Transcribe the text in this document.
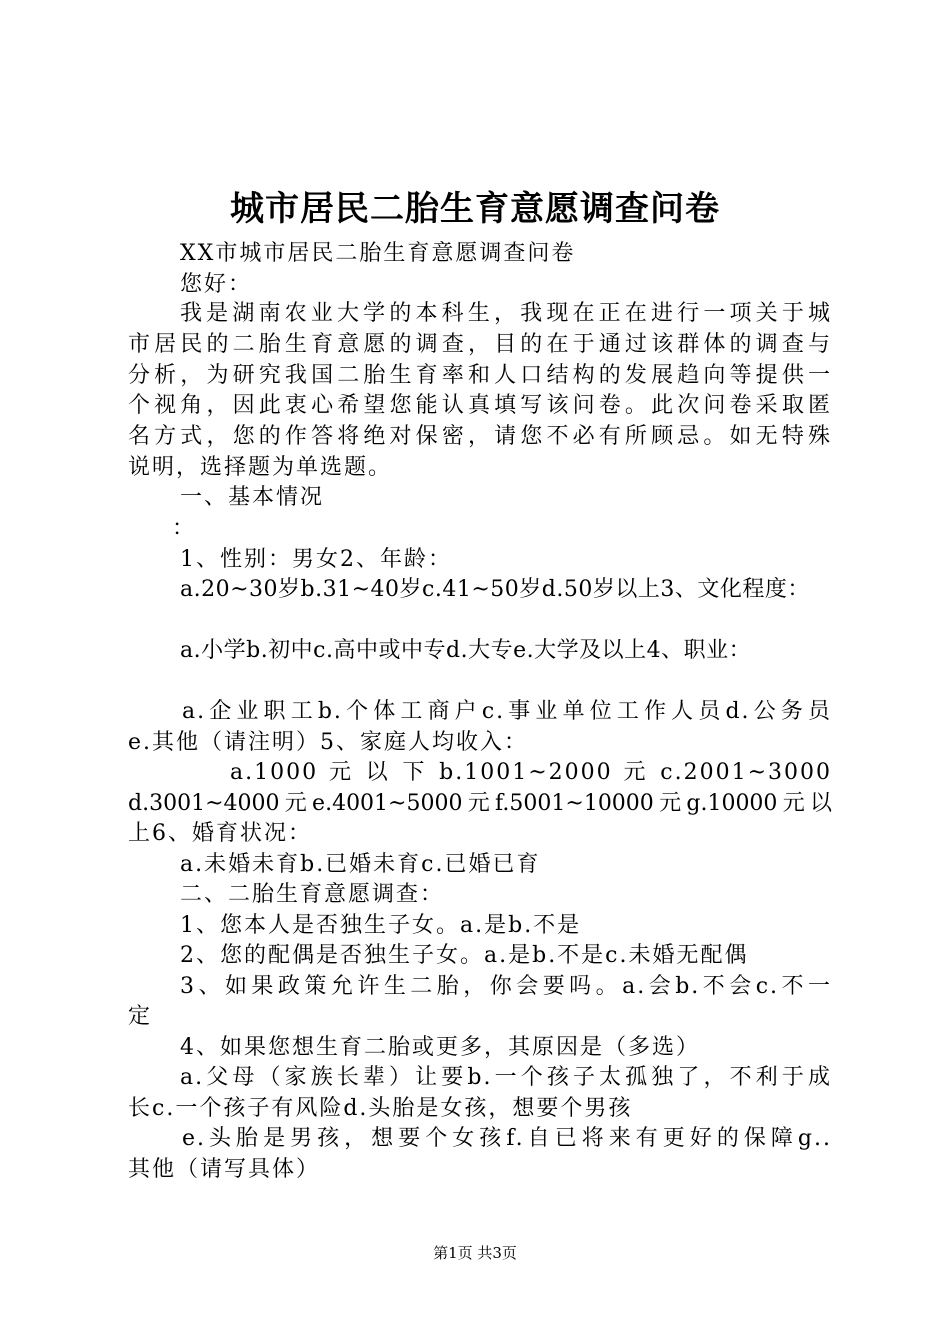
城市居民二胎生育意愿调查问卷
XX市城市居民二胎生育意愿调查问卷
您好：
我是湖南农业大学的本科生，我现在正在进行一项关于城
市居民的二胎生育意愿的调查，目的在于通过该群体的调查与
分析，为研究我国二胎生育率和人口结构的发展趋向等提供一
个视角，因此衷心希望您能认真填写该问卷。此次问卷采取匿
名方式，您的作答将绝对保密，请您不必有所顾忌。如无特殊
说明，选择题为单选题。
一、基本情况
：
1、性别：男女2、年龄：
a.20~30岁b.31~40岁c.41~50岁d.50岁以上3、文化程度：
a.小学b.初中c.高中或中专d.大专e.大学及以上4、职业：
a.企业职工b.个体工商户c.事业单位工作人员d.公务员
e.其他（请注明）5、家庭人均收入：
a.1000 元 以 下 b.1001~2000 元 c.2001~3000
d.3001~4000元e.4001~5000元f.5001~10000元g.10000元以
上6、婚育状况：
a.未婚未育b.已婚未育c.已婚已育
二、二胎生育意愿调查：
1、您本人是否独生子女。a.是b.不是
2、您的配偶是否独生子女。a.是b.不是c.未婚无配偶
3、如果政策允许生二胎，你会要吗。a.会b.不会c.不一
定
4、如果您想生育二胎或更多，其原因是（多选）
a.父母（家族长辈）让要b.一个孩子太孤独了，不利于成
长c.一个孩子有风险d.头胎是女孩，想要个男孩
e.头胎是男孩，想要个女孩f.自已将来有更好的保障g..
其他（请写具体）
第1页 共3页
